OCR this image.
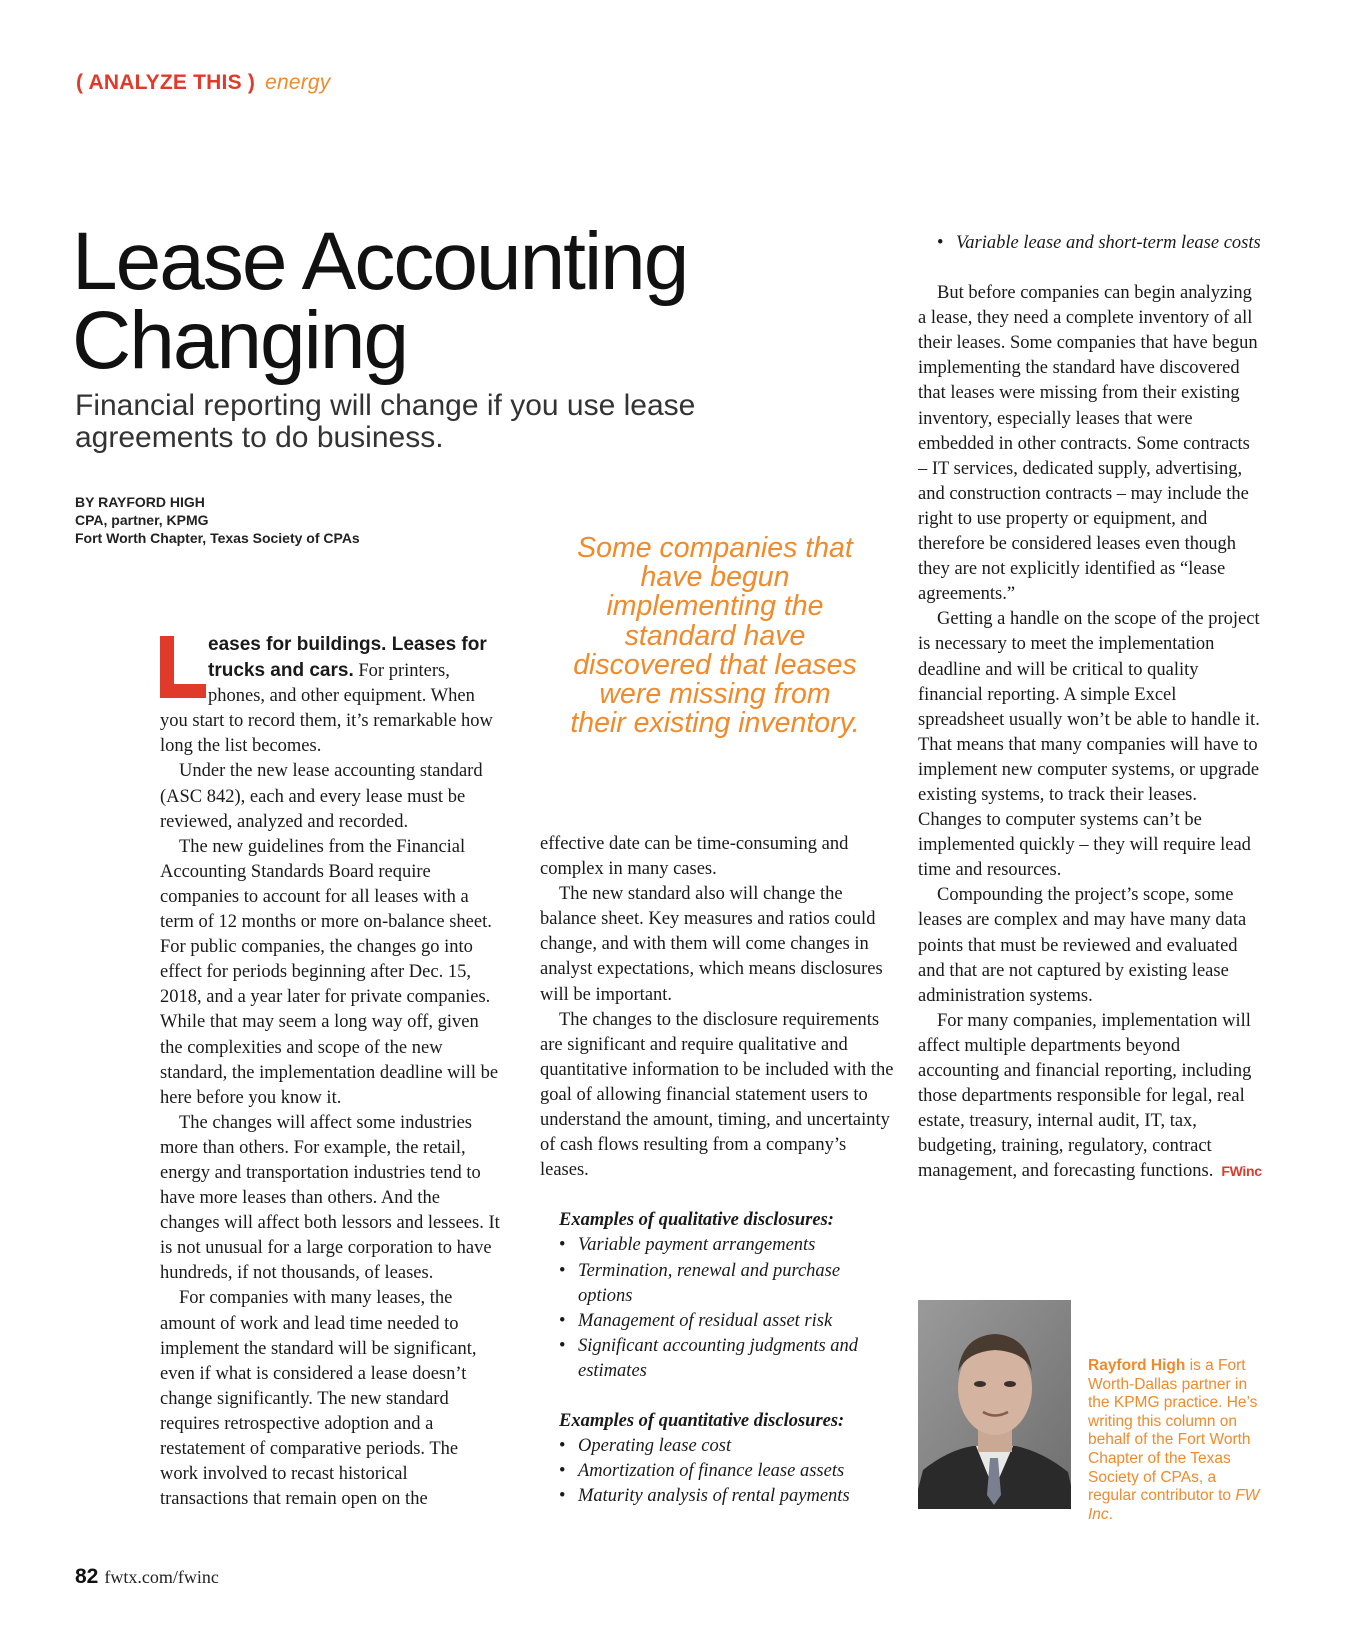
( ANALYZE THIS ) energy
Lease Accounting
Changing
Financial reporting will change if you use lease
agreements to do business.
BY RAYFORD HIGH
CPA, partner, KPMG
Fort Worth Chapter, Texas Society of CPAs

eases for buildings. Leases for trucks and cars. For printers, phones, and other equipment. When you start to record them, it’s remarkable how long the list becomes.

Under the new lease accounting standard (ASC 842), each and every lease must be reviewed, analyzed and recorded.

The new guidelines from the Financial Accounting Standards Board require companies to account for all leases with a term of 12 months or more on-balance sheet. For public companies, the changes go into effect for periods beginning after Dec. 15, 2018, and a year later for private companies. While that may seem a long way off, given the complexities and scope of the new standard, the implementation deadline will be here before you know it.

The changes will affect some industries more than others. For example, the retail, energy and transportation industries tend to have more leases than others. And the changes will affect both lessors and lessees. It is not unusual for a large corporation to have hundreds, if not thousands, of leases.

For companies with many leases, the amount of work and lead time needed to implement the standard will be significant, even if what is considered a lease doesn’t change significantly. The new standard requires retrospective adoption and a restatement of comparative periods. The work involved to recast historical transactions that remain open on the

Some companies that have begun implementing the standard have discovered that leases were missing from their existing inventory.

effective date can be time-consuming and complex in many cases.

The new standard also will change the balance sheet. Key measures and ratios could change, and with them will come changes in analyst expectations, which means disclosures will be important.

The changes to the disclosure requirements are significant and require qualitative and quantitative information to be included with the goal of allowing financial statement users to understand the amount, timing, and uncertainty of cash flows resulting from a company’s leases.

Examples of qualitative disclosures:

• Variable payment arrangements
• Termination, renewal and purchase options
• Management of residual asset risk
• Significant accounting judgments and estimates

Examples of quantitative disclosures:

• Operating lease cost
• Amortization of finance lease assets
• Maturity analysis of rental payments
• Variable lease and short-term lease costs

But before companies can begin analyzing a lease, they need a complete inventory of all their leases. Some companies that have begun implementing the standard have discovered that leases were missing from their existing inventory, especially leases that were embedded in other contracts. Some contracts – IT services, dedicated supply, advertising, and construction contracts – may include the right to use property or equipment, and therefore be considered leases even though they are not explicitly identified as “lease agreements.”

Getting a handle on the scope of the project is necessary to meet the implementation deadline and will be critical to quality financial reporting. A simple Excel spreadsheet usually won’t be able to handle it. That means that many companies will have to implement new computer systems, or upgrade existing systems, to track their leases. Changes to computer systems can’t be implemented quickly – they will require lead time and resources.

Compounding the project’s scope, some leases are complex and may have many data points that must be reviewed and evaluated and that are not captured by existing lease administration systems.

For many companies, implementation will affect multiple departments beyond accounting and financial reporting, including those departments responsible for legal, real estate, treasury, internal audit, IT, tax, budgeting, training, regulatory, contract management, and forecasting functions. FWinc

Rayford High is a Fort Worth-Dallas partner in the KPMG practice. He’s writing this column on behalf of the Fort Worth Chapter of the Texas Society of CPAs, a regular contributor to FW Inc.
82 fwtx.com/fwinc
